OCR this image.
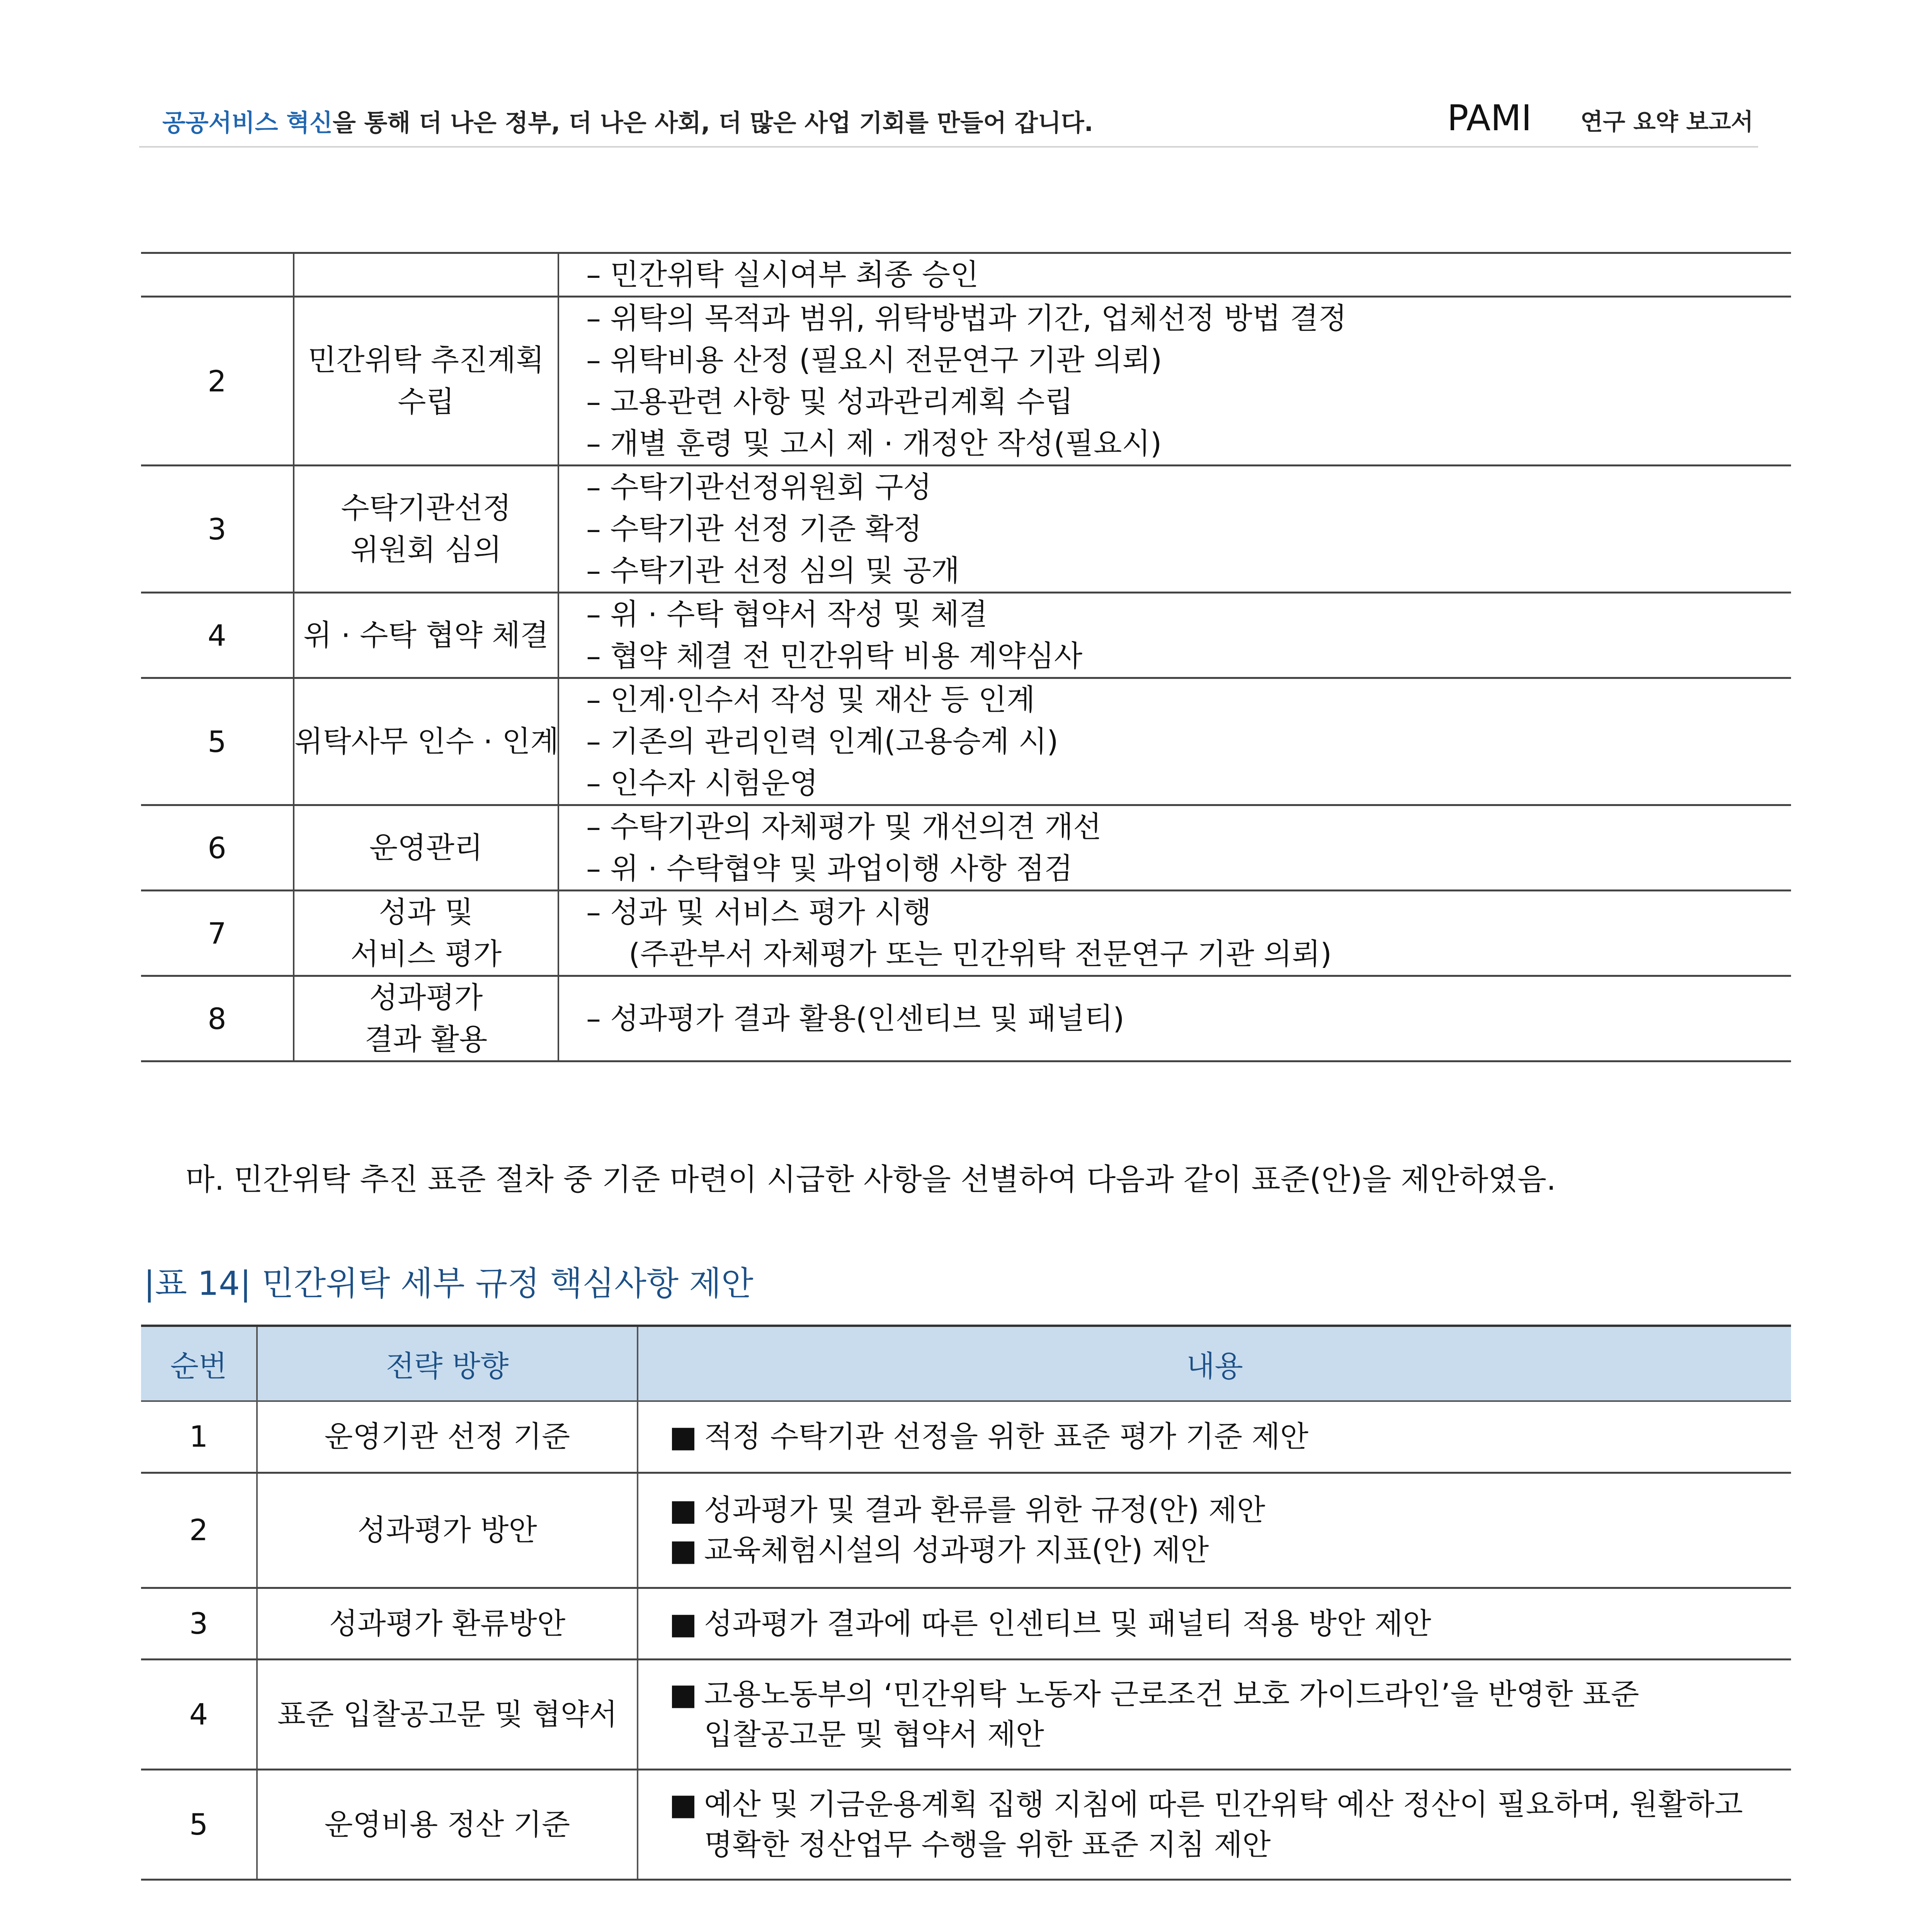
공공서비스 혁신을 통해 더 나은 정부, 더 나은 사회, 더 많은 사업 기회를 만들어 갑니다.	PAMI 연구 요약 보고서

		– 민간위탁 실시여부 최종 승인

2	민간위탁 추진계획
수립	– 위탁의 목적과 범위, 위탁방법과 기간, 업체선정 방법 결정
– 위탁비용 산정 (필요시 전문연구 기관 의뢰)
– 고용관련 사항 및 성과관리계획 수립
– 개별 훈령 및 고시 제 · 개정안 작성(필요시)

3	수탁기관선정
위원회 심의	– 수탁기관선정위원회 구성
– 수탁기관 선정 기준 확정
– 수탁기관 선정 심의 및 공개

4	위 · 수탁 협약 체결	– 위 · 수탁 협약서 작성 및 체결
– 협약 체결 전 민간위탁 비용 계약심사

5	위탁사무 인수 · 인계	– 인계·인수서 작성 및 재산 등 인계
– 기존의 관리인력 인계(고용승계 시)
– 인수자 시험운영

6	운영관리	– 수탁기관의 자체평가 및 개선의견 개선
– 위 · 수탁협약 및 과업이행 사항 점검

7	성과 및
서비스 평가	– 성과 및 서비스 평가 시행
(주관부서 자체평가 또는 민간위탁 전문연구 기관 의뢰)

8	성과평가
결과 활용	– 성과평가 결과 활용(인센티브 및 패널티)
마. 민간위탁 추진 표준 절차 중 기준 마련이 시급한 사항을 선별하여 다음과 같이 표준(안)을 제안하였음.
|표 14| 민간위탁 세부 규정 핵심사항 제안
순번	전략 방향	내용
1	운영기관 선정 기준	■ 적정 수탁기관 선정을 위한 표준 평가 기준 제안

2	성과평가 방안	■ 성과평가 및 결과 환류를 위한 규정(안) 제안
■ 교육체험시설의 성과평가 지표(안) 제안

3	성과평가 환류방안	■ 성과평가 결과에 따른 인센티브 및 패널티 적용 방안 제안

4	표준 입찰공고문 및 협약서	■ 고용노동부의 ‘민간위탁 노동자 근로조건 보호 가이드라인’을 반영한 표준
입찰공고문 및 협약서 제안

5	운영비용 정산 기준	■ 예산 및 기금운용계획 집행 지침에 따른 민간위탁 예산 정산이 필요하며, 원활하고
명확한 정산업무 수행을 위한 표준 지침 제안
